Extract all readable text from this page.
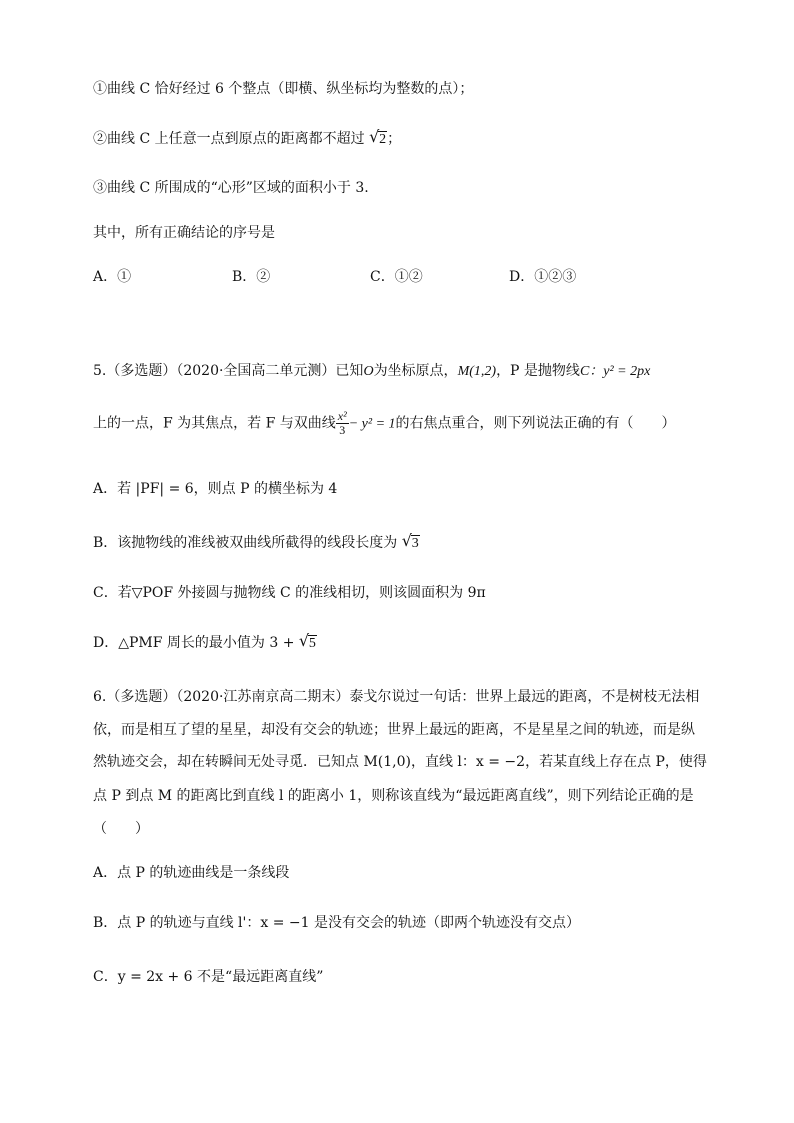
①曲线 C 恰好经过 6 个整点（即横、纵坐标均为整数的点）；
②曲线 C 上任意一点到原点的距离都不超过 √ 2；
③曲线 C 所围成的“心形”区域的面积小于 3.
其中，所有正确结论的序号是
A．①	B．②	C．①②	D．①②③
5.（多选题）（2020·全国高二单元测）已知O为坐标原点，M(1,2)，P 是抛物线C：y² = 2px
上的一点，F 为其焦点，若 F 与双曲线 $\frac{\text{x²}}{3} - y^2 = 1$的右焦点重合，则下列说法正确的有（　　）
A．若 |PF| = 6，则点 P 的横坐标为 4
B．该抛物线的准线被双曲线所截得的线段长度为 √ 3
C．若▽POF 外接圆与抛物线 C 的准线相切，则该圆面积为 9π
D．△PMF 周长的最小值为 3 + √ 5
6.（多选题）（2020·江苏南京高二期末）泰戈尔说过一句话：世界上最远的距离，不是树枝无法相
依，而是相互了望的星星，却没有交会的轨迹；世界上最远的距离，不是星星之间的轨迹，而是纵
然轨迹交会，却在转瞬间无处寻觅．已知点 M(1,0)，直线 l：x = −2，若某直线上存在点 P，使得
点 P 到点 M 的距离比到直线 l 的距离小 1，则称该直线为“最远距离直线”，则下列结论正确的是
（　　）
A．点 P 的轨迹曲线是一条线段
B．点 P 的轨迹与直线 l'：x = −1 是没有交会的轨迹（即两个轨迹没有交点）
C．y = 2x + 6 不是“最远距离直线”
